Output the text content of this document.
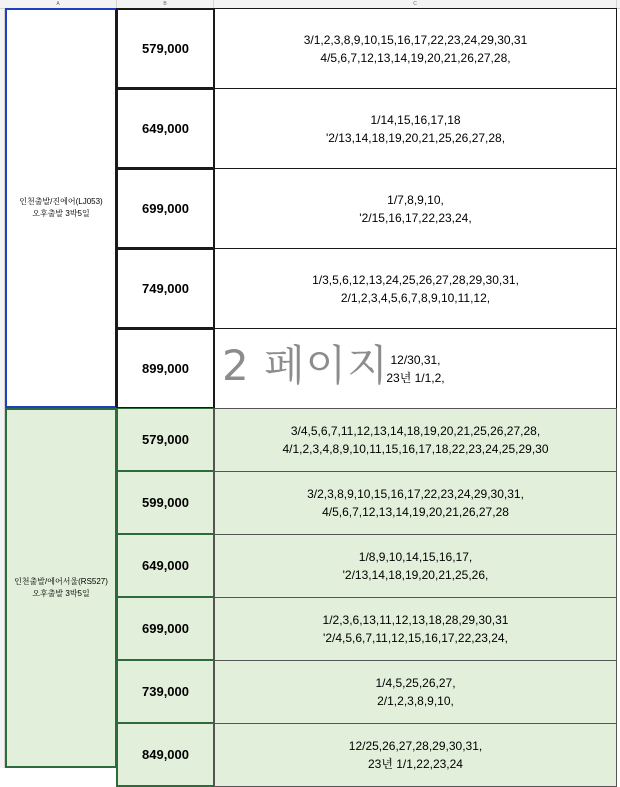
A	B	C
인천출발/진에어(LJ053)
오후출발 3박5일
579,000
3/1,2,3,8,9,10,15,16,17,22,23,24,29,30,31
4/5,6,7,12,13,14,19,20,21,26,27,28,
649,000
1/14,15,16,17,18
'2/13,14,18,19,20,21,25,26,27,28,
699,000
1/7,8,9,10,
'2/15,16,17,22,23,24,
749,000
1/3,5,6,12,13,24,25,26,27,28,29,30,31,
2/1,2,3,4,5,6,7,8,9,10,11,12,
899,000
12/30,31,
23년 1/1,2,
인천출발/에어서울(RS527)
오후출발 3박5일
579,000
3/4,5,6,7,11,12,13,14,18,19,20,21,25,26,27,28,
4/1,2,3,4,8,9,10,11,15,16,17,18,22,23,24,25,29,30
599,000
3/2,3,8,9,10,15,16,17,22,23,24,29,30,31,
4/5,6,7,12,13,14,19,20,21,26,27,28
649,000
1/8,9,10,14,15,16,17,
'2/13,14,18,19,20,21,25,26,
699,000
1/2,3,6,13,11,12,13,18,28,29,30,31
'2/4,5,6,7,11,12,15,16,17,22,23,24,
739,000
1/4,5,25,26,27,
2/1,2,3,8,9,10,
849,000
12/25,26,27,28,29,30,31,
23년 1/1,22,23,24
2 페이지
